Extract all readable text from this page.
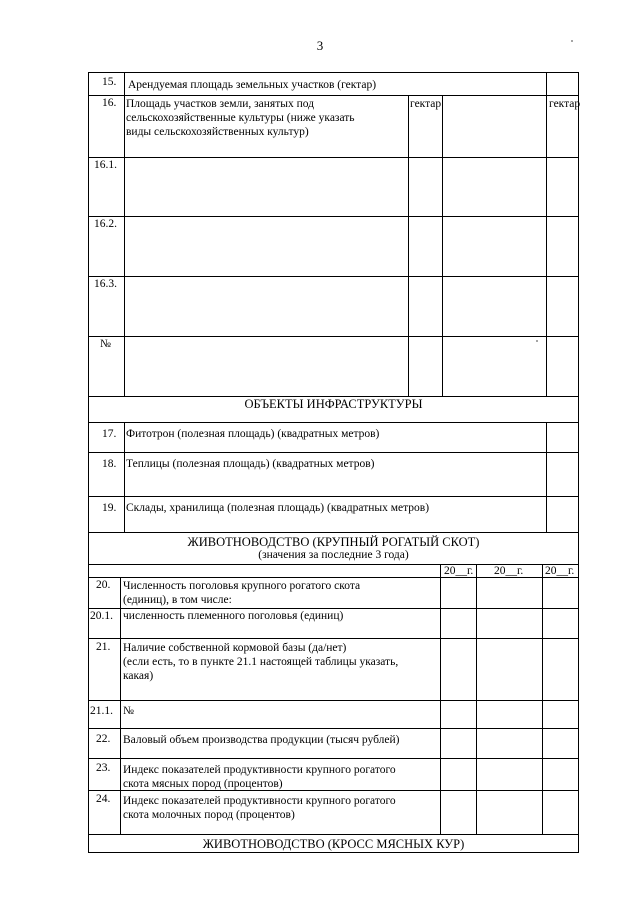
3
15. Арендуемая площадь земельных участков (гектар)
16. Площадь участков земли, занятых под
сельскохозяйственные культуры (ниже указать
виды сельскохозяйственных культур)
гектар	гектар
16.1.
16.2.
16.3.
№
ОБЪЕКТЫ ИНФРАСТРУКТУРЫ
17. Фитотрон (полезная площадь) (квадратных метров)
18. Теплицы (полезная площадь) (квадратных метров)
19. Склады, хранилища (полезная площадь) (квадратных метров)
ЖИВОТНОВОДСТВО (КРУПНЫЙ РОГАТЫЙ СКОТ)
(значения за последние 3 года)
20__г. 20__г. 20__г.
20. Численность поголовья крупного рогатого скота
(единиц), в том числе:
20.1. численность племенного поголовья (единиц)
21. Наличие собственной кормовой базы (да/нет)
(если есть, то в пункте 21.1 настоящей таблицы указать,
какая)
21.1. №
22. Валовый объем производства продукции (тысяч рублей)
23. Индекс показателей продуктивности крупного рогатого
скота мясных пород (процентов)
24. Индекс показателей продуктивности крупного рогатого
скота молочных пород (процентов)
ЖИВОТНОВОДСТВО (КРОСС МЯСНЫХ КУР)
